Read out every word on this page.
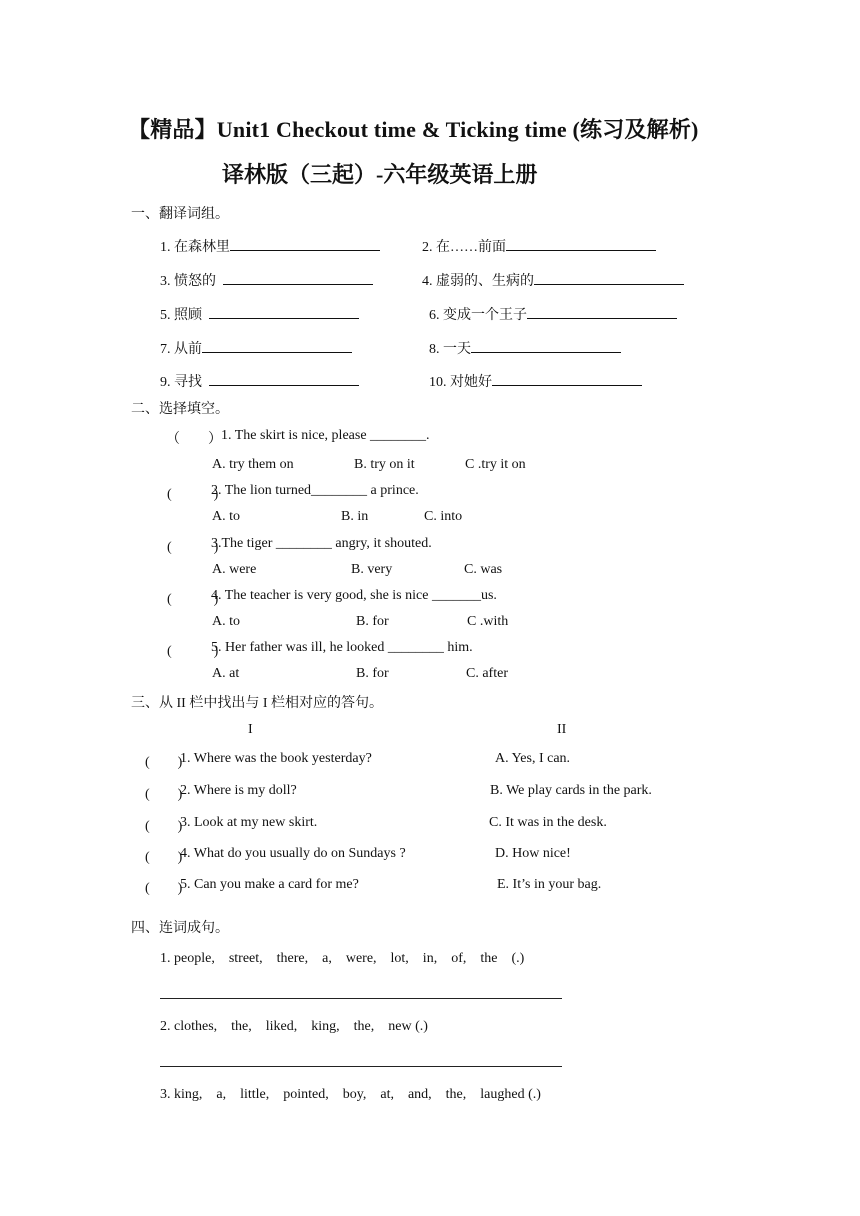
【精品】Unit1 Checkout time & Ticking time (练习及解析)
译林版（三起）-六年级英语上册
一、翻译词组。
1. 在森林里	2. 在……前面
3. 愤怒的	4. 虚弱的、生病的
5. 照顾	6. 变成一个王子
7. 从前	8. 一天
9. 寻找	10. 对她好
二、选择填空。
（　　） 1. The skirt is nice, please ________.
A. try them on	B. try on it	C .try it on
(　　　)
2. The lion turned________ a prince.
A. to	B. in	C. into
(　　　)
3.The tiger ________ angry, it shouted.
A. were	B. very	C. was
(　　　)
4. The teacher is very good, she is nice _______us.
A. to	B. for	C .with
(　　　)
5. Her father was ill, he looked ________ him.
A. at	B. for	C. after
三、从 II 栏中找出与 I 栏相对应的答句。
I	II
(　　)
1. Where was the book yesterday?	A. Yes, I can.
(　　)
2. Where is my doll?	B. We play cards in the park.
(　　)
3. Look at my new skirt.	C. It was in the desk.
(　　)
4. What do you usually do on Sundays ?	D. How nice!
(　　)
5. Can you make a card for me?	E. It’s in your bag.
四、连词成句。
1. people,    street,    there,    a,    were,    lot,    in,    of,    the    (.)
2. clothes,    the,    liked,    king,    the,    new (.)
3. king,    a,    little,    pointed,    boy,    at,    and,    the,    laughed (.)
